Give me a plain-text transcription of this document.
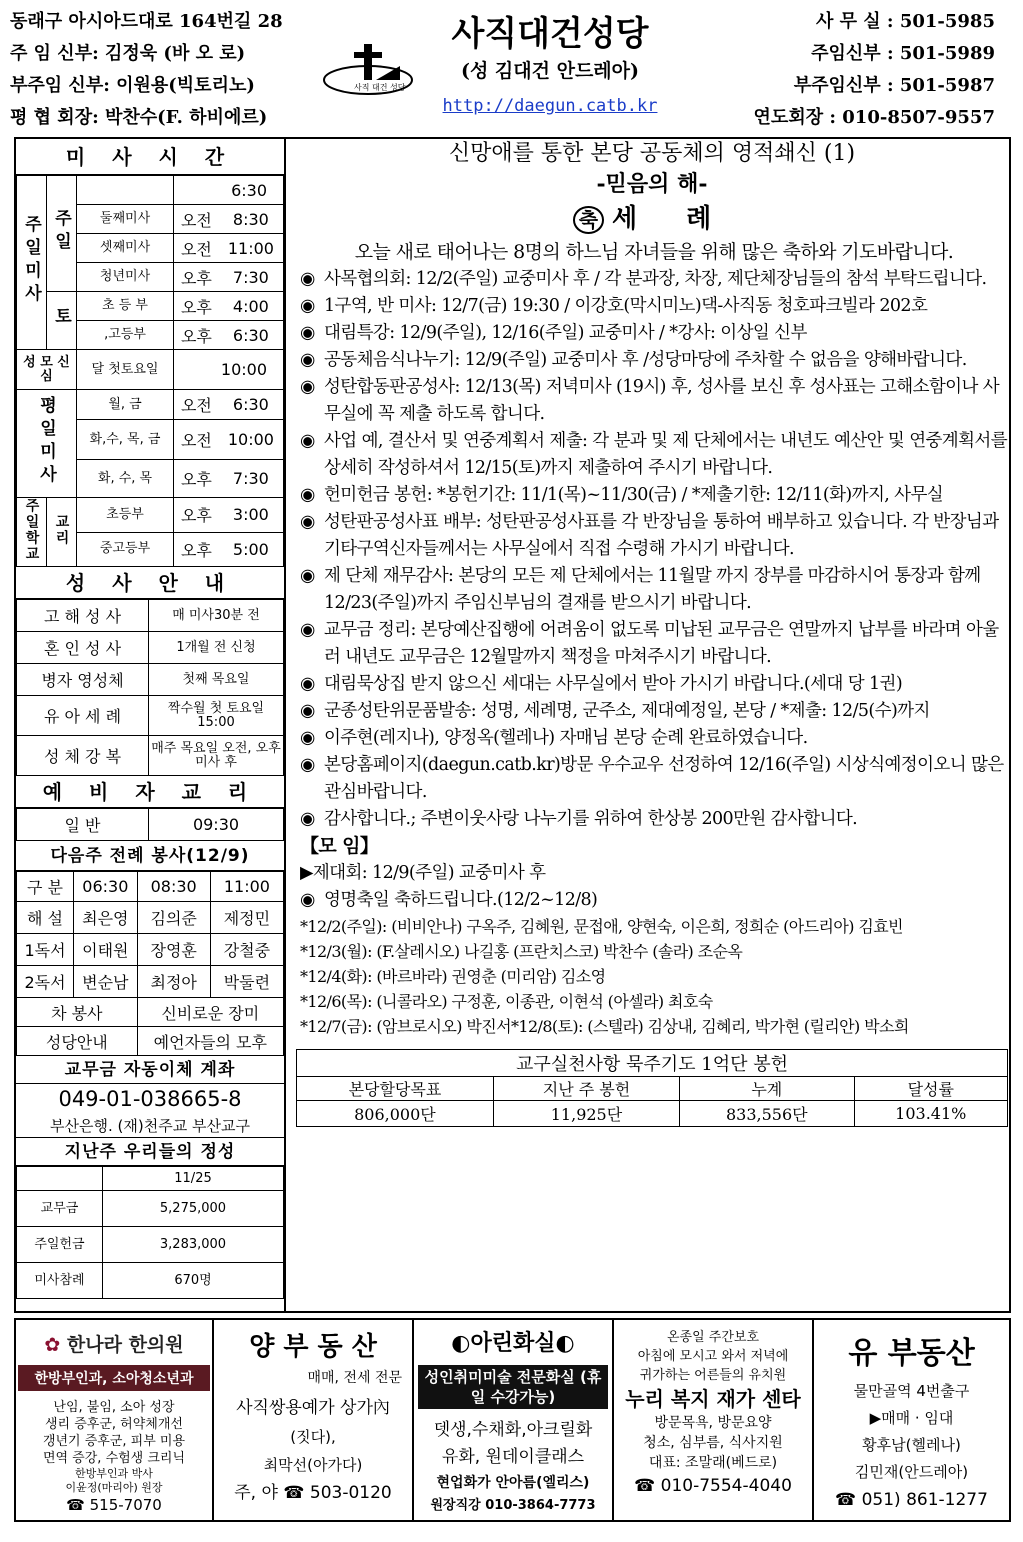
동래구 아시아드대로 164번길 28
주 임 신부: 김정욱 (바 오 로)
부주임 신부: 이원용(빅토리노)
평 협 회장: 박찬수(F. 하비에르)
사직 대건 성당
사직대건성당
(성 김대건 안드레아)
http://daegun.catb.kr
사 무 실 : 501-5985
주임신부 : 501-5989
부주임신부 : 501-5987
연도회장 : 010-8507-9557
미 사 시 간
주일미사	주일		6:30	
		둘째미사	오전	8:30
		셋째미사	오전	11:00
		청년미사	오후	7:30
	토	초 등 부	오후	4:00
		,고등부	오후	6:30
성 모 신 심		달 첫토요일	10:00	
평일미사		월, 금	오전	6:30
		화,수, 목, 금	오전	10:00
		화, 수, 목	오후	7:30
주일학교	교리	초등부	오후	3:00
		중고등부	오후	5:00
성 사 안 내
고 해 성 사	매 미사30분 전
혼 인 성 사	1개월 전 신청
병자 영성체	첫째 목요일
유 아 세 례	짝수월 첫 토요일 15:00
성 체 강 복	매주 목요일 오전, 오후 미사 후
예 비 자 교 리
일 반	09:30
다음주 전례 봉사(12/9)
구 분	06:30	08:30	11:00
해 설	최은영	김의준	제정민
1독서	이태원	장영훈	강철중
2독서	변순남	최정아	박둘련
차 봉사		신비로운 장미	
성당안내		예언자들의 모후	
교무금 자동이체 계좌
049-01-038665-8
부산은행. (재)천주교 부산교구
지난주 우리들의 정성
	11/25
교무금	5,275,000
주일헌금	3,283,000
미사참례	670명
신망애를 통한 본당 공동체의 영적쇄신 (1)
-믿음의 해-
축 세 례
오늘 새로 태어나는 8명의 하느님 자녀들을 위해 많은 축하와 기도바랍니다.
◉ 사목협의회: 12/2(주일) 교중미사 후 / 각 분과장, 차장, 제단체장님들의 참석 부탁드립니다.
◉ 1구역, 반 미사: 12/7(금) 19:30 / 이강호(막시미노)댁-사직동 청호파크빌라 202호
◉ 대림특강: 12/9(주일), 12/16(주일) 교중미사 / *강사: 이상일 신부
◉ 공동체음식나누기: 12/9(주일) 교중미사 후 /성당마당에 주차할 수 없음을 양해바랍니다.
◉ 성탄합동판공성사: 12/13(목) 저녁미사 (19시) 후, 성사를 보신 후 성사표는 고해소함이나 사무실에 꼭 제출 하도록 합니다.
◉ 사업 예, 결산서 및 연중계획서 제출: 각 분과 및 제 단체에서는 내년도 예산안 및 연중계획서를 상세히 작성하셔서 12/15(토)까지 제출하여 주시기 바랍니다.
◉ 헌미헌금 봉헌: *봉헌기간: 11/1(목)~11/30(금) / *제출기한: 12/11(화)까지, 사무실
◉ 성탄판공성사표 배부: 성탄판공성사표를 각 반장님을 통하여 배부하고 있습니다. 각 반장님과 기타구역신자들께서는 사무실에서 직접 수령해 가시기 바랍니다.
◉ 제 단체 재무감사: 본당의 모든 제 단체에서는 11월말 까지 장부를 마감하시어 통장과 함께 12/23(주일)까지 주임신부님의 결재를 받으시기 바랍니다.
◉ 교무금 정리: 본당예산집행에 어려움이 없도록 미납된 교무금은 연말까지 납부를 바라며 아울러 내년도 교무금은 12월말까지 책정을 마쳐주시기 바랍니다.
◉ 대림묵상집 받지 않으신 세대는 사무실에서 받아 가시기 바랍니다.(세대 당 1권)
◉ 군종성탄위문품발송: 성명, 세례명, 군주소, 제대예정일, 본당 / *제출: 12/5(수)까지
◉ 이주현(레지나), 양정옥(헬레나) 자매님 본당 순례 완료하였습니다.
◉ 본당홈페이지(daegun.catb.kr)방문 우수교우 선정하여 12/16(주일) 시상식예정이오니 많은 관심바랍니다.
◉ 감사합니다.; 주변이웃사랑 나누기를 위하여 한상봉 200만원 감사합니다.
【모 임】
▶제대회: 12/9(주일) 교중미사 후
◉ 영명축일 축하드립니다.(12/2~12/8)
*12/2(주일): (비비안나) 구옥주, 김혜원, 문접애, 양현숙, 이은희, 정희순 (아드리아) 김효빈
*12/3(월): (F.살레시오) 나길홍 (프란치스코) 박찬수 (솔라) 조순옥
*12/4(화): (바르바라) 권영춘 (미리암) 김소영
*12/6(목): (니콜라오) 구정훈, 이종관, 이현석 (아셀라) 최호숙
*12/7(금): (암브로시오) 박진서*12/8(토): (스텔라) 김상내, 김혜리, 박가현 (릴리안) 박소희
교구실천사항 묵주기도 1억단 봉헌			
본당할당목표	지난 주 봉헌	누계	달성률
806,000단	11,925단	833,556단	103.41%
✿ 한나라 한의원
한방부인과, 소아청소년과
난임, 불임, 소아 성장
생리 증후군, 허약체개선
갱년기 증후군, 피부 미용
면역 증강, 수험생 크리닉
한방부인과 박사
이윤정(마리아) 원장
☎ 515-7070
양 부 동 산
매매, 전세 전문
사직쌍용예가 상가內
(짓다),
최막선(아가다)
주, 야 ☎ 503-0120
◐아린화실◐
성인취미미술 전문화실 (휴일 수강가능)
뎃생,수채화,아크릴화
유화, 원데이클래스
현업화가 안아름(엘리스)
원장직강 010-3864-7773
온종일 주간보호
아침에 모시고 와서 저녁에
귀가하는 어른들의 유치원
누리 복지 재가 센타
방문목욕, 방문요양
청소, 심부름, 식사지원
대표: 조말래(베드로)
☎ 010-7554-4040
유 부동산
물만골역 4번출구
▶매매 · 임대
황후남(헬레나)
김민재(안드레아)
☎ 051) 861-1277
